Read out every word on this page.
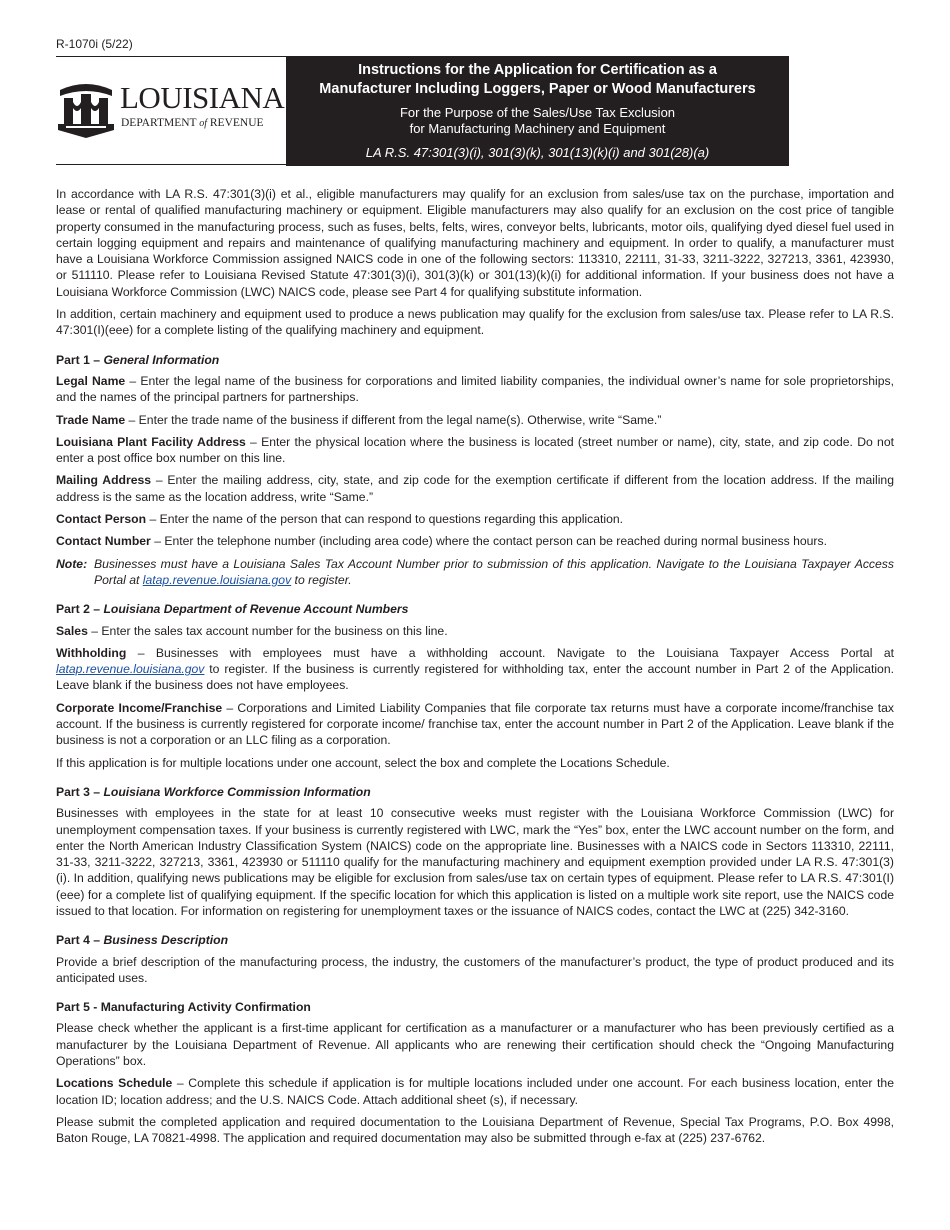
R-1070i (5/22)
LOUISIANA
DEPARTMENT of REVENUE
Instructions for the Application for Certification as a
Manufacturer Including Loggers, Paper or Wood Manufacturers
For the Purpose of the Sales/Use Tax Exclusion
for Manufacturing Machinery and Equipment
LA R.S. 47:301(3)(i), 301(3)(k), 301(13)(k)(i) and 301(28)(a)

In accordance with LA R.S. 47:301(3)(i) et al., eligible manufacturers may qualify for an exclusion from sales/use tax on the purchase, importation and lease or rental of qualified manufacturing machinery or equipment. Eligible manufacturers may also qualify for an exclusion on the cost price of tangible property consumed in the manufacturing process, such as fuses, belts, felts, wires, conveyor belts, lubricants, motor oils, qualifying dyed diesel fuel used in certain logging equipment and repairs and maintenance of qualifying manufacturing machinery and equipment. In order to qualify, a manufacturer must have a Louisiana Workforce Commission assigned NAICS code in one of the following sectors: 113310, 22111, 31-33, 3211-3222, 327213, 3361, 423930, or 511110. Please refer to Louisiana Revised Statute 47:301(3)(i), 301(3)(k) or 301(13)(k)(i) for additional information. If your business does not have a Louisiana Workforce Commission (LWC) NAICS code, please see Part 4 for qualifying substitute information.

In addition, certain machinery and equipment used to produce a news publication may qualify for the exclusion from sales/use tax. Please refer to LA R.S. 47:301(I)(eee) for a complete listing of the qualifying machinery and equipment.

Part 1 – General Information

Legal Name – Enter the legal name of the business for corporations and limited liability companies, the individual owner’s name for sole proprietorships, and the names of the principal partners for partnerships.

Trade Name – Enter the trade name of the business if different from the legal name(s). Otherwise, write “Same.”

Louisiana Plant Facility Address – Enter the physical location where the business is located (street number or name), city, state, and zip code. Do not enter a post office box number on this line.

Mailing Address – Enter the mailing address, city, state, and zip code for the exemption certificate if different from the location address. If the mailing address is the same as the location address, write “Same.”

Contact Person – Enter the name of the person that can respond to questions regarding this application.

Contact Number – Enter the telephone number (including area code) where the contact person can be reached during normal business hours.

Note: Businesses must have a Louisiana Sales Tax Account Number prior to submission of this application. Navigate to the Louisiana Taxpayer Access Portal at latap.revenue.louisiana.gov to register.
Part 2 – Louisiana Department of Revenue Account Numbers

Sales – Enter the sales tax account number for the business on this line.

Withholding – Businesses with employees must have a withholding account. Navigate to the Louisiana Taxpayer Access Portal at latap.revenue.louisiana.gov to register. If the business is currently registered for withholding tax, enter the account number in Part 2 of the Application. Leave blank if the business does not have employees.

Corporate Income/Franchise – Corporations and Limited Liability Companies that file corporate tax returns must have a corporate income/franchise tax account. If the business is currently registered for corporate income/ franchise tax, enter the account number in Part 2 of the Application. Leave blank if the business is not a corporation or an LLC filing as a corporation.

If this application is for multiple locations under one account, select the box and complete the Locations Schedule.

Part 3 – Louisiana Workforce Commission Information

Businesses with employees in the state for at least 10 consecutive weeks must register with the Louisiana Workforce Commission (LWC) for unemployment compensation taxes. If your business is currently registered with LWC, mark the “Yes” box, enter the LWC account number on the form, and enter the North American Industry Classification System (NAICS) code on the appropriate line. Businesses with a NAICS code in Sectors 113310, 22111, 31-33, 3211-3222, 327213, 3361, 423930 or 511110 qualify for the manufacturing machinery and equipment exemption provided under LA R.S. 47:301(3)(i). In addition, qualifying news publications may be eligible for exclusion from sales/use tax on certain types of equipment. Please refer to LA R.S. 47:301(I)(eee) for a complete list of qualifying equipment. If the specific location for which this application is listed on a multiple work site report, use the NAICS code issued to that location. For information on registering for unemployment taxes or the issuance of NAICS codes, contact the LWC at (225) 342-3160.

Part 4 – Business Description

Provide a brief description of the manufacturing process, the industry, the customers of the manufacturer’s product, the type of product produced and its anticipated uses.

Part 5 - Manufacturing Activity Confirmation

Please check whether the applicant is a first-time applicant for certification as a manufacturer or a manufacturer who has been previously certified as a manufacturer by the Louisiana Department of Revenue. All applicants who are renewing their certification should check the “Ongoing Manufacturing Operations” box.

Locations Schedule – Complete this schedule if application is for multiple locations included under one account. For each business location, enter the location ID; location address; and the U.S. NAICS Code. Attach additional sheet (s), if necessary.

Please submit the completed application and required documentation to the Louisiana Department of Revenue, Special Tax Programs, P.O. Box 4998, Baton Rouge, LA 70821-4998. The application and required documentation may also be submitted through e-fax at (225) 237-6762.
